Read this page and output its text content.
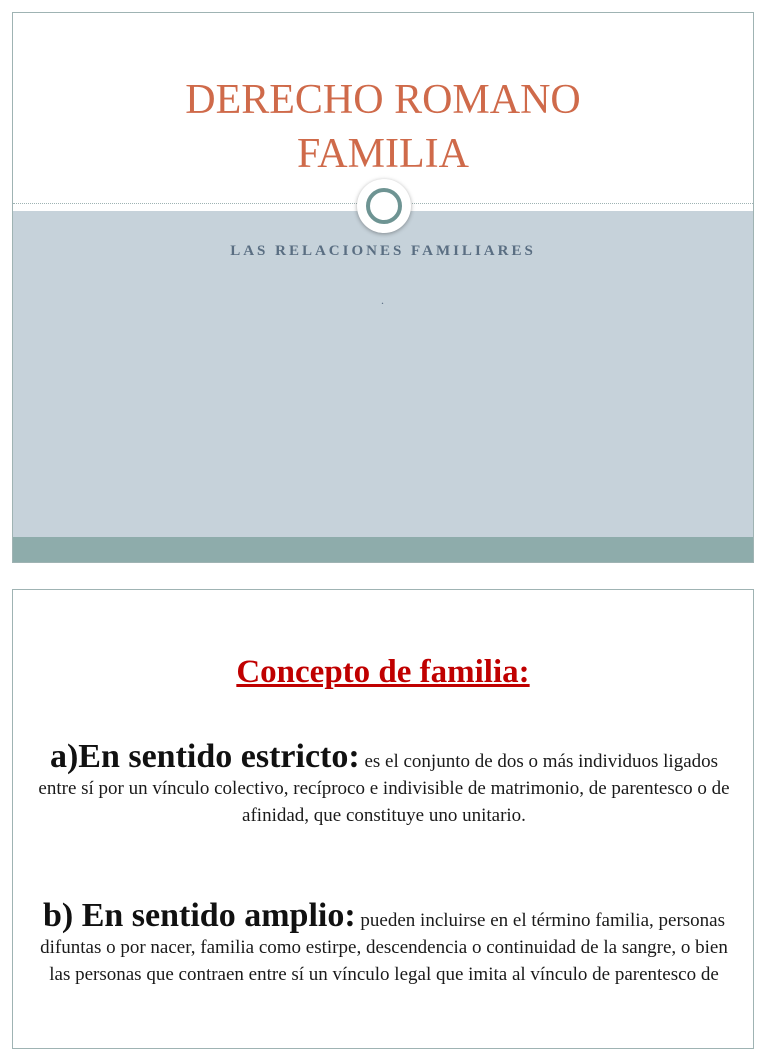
DERECHO ROMANO
FAMILIA
LAS RELACIONES FAMILIARES
.
Concepto de familia:
a)En sentido estricto: es el conjunto de dos o más individuos ligados entre sí por un vínculo colectivo, recíproco e indivisible de matrimonio, de parentesco o de afinidad, que constituye uno unitario.
b) En sentido amplio: pueden incluirse en el término familia, personas difuntas o por nacer, familia como estirpe, descendencia o continuidad de la sangre, o bien las personas que contraen entre sí un vínculo legal que imita al vínculo de parentesco de
